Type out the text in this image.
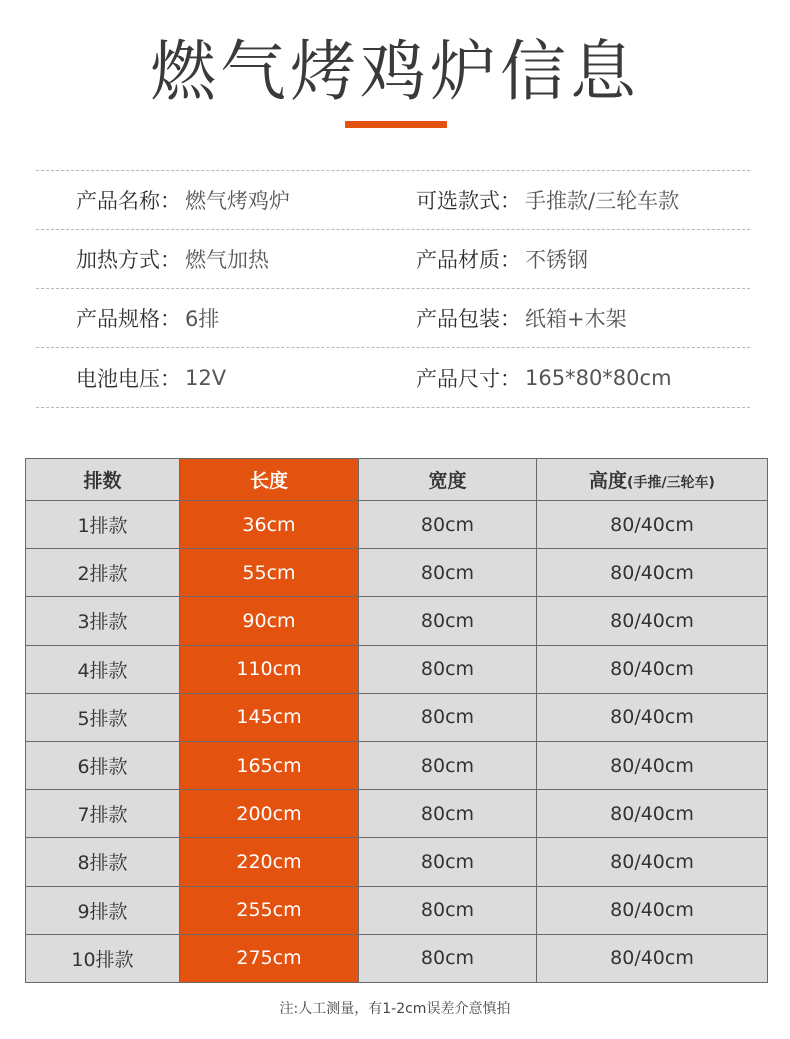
燃气烤鸡炉信息
产品名称 ： 燃气烤鸡炉	可选款式 ： 手推款/三轮车款
加热方式 ： 燃气加热	产品材质 ： 不锈钢
产品规格 ： 6排	产品包装 ： 纸箱+木架
电池电压 ： 12V	产品尺寸 ： 165*80*80cm
排数	长度	宽度	高度(手推/三轮车)
1排款	36cm	80cm	80/40cm
2排款	55cm	80cm	80/40cm
3排款	90cm	80cm	80/40cm
4排款	110cm	80cm	80/40cm
5排款	145cm	80cm	80/40cm
6排款	165cm	80cm	80/40cm
7排款	200cm	80cm	80/40cm
8排款	220cm	80cm	80/40cm
9排款	255cm	80cm	80/40cm
10排款	275cm	80cm	80/40cm
注:人工测量，有1-2cm误差介意慎拍
